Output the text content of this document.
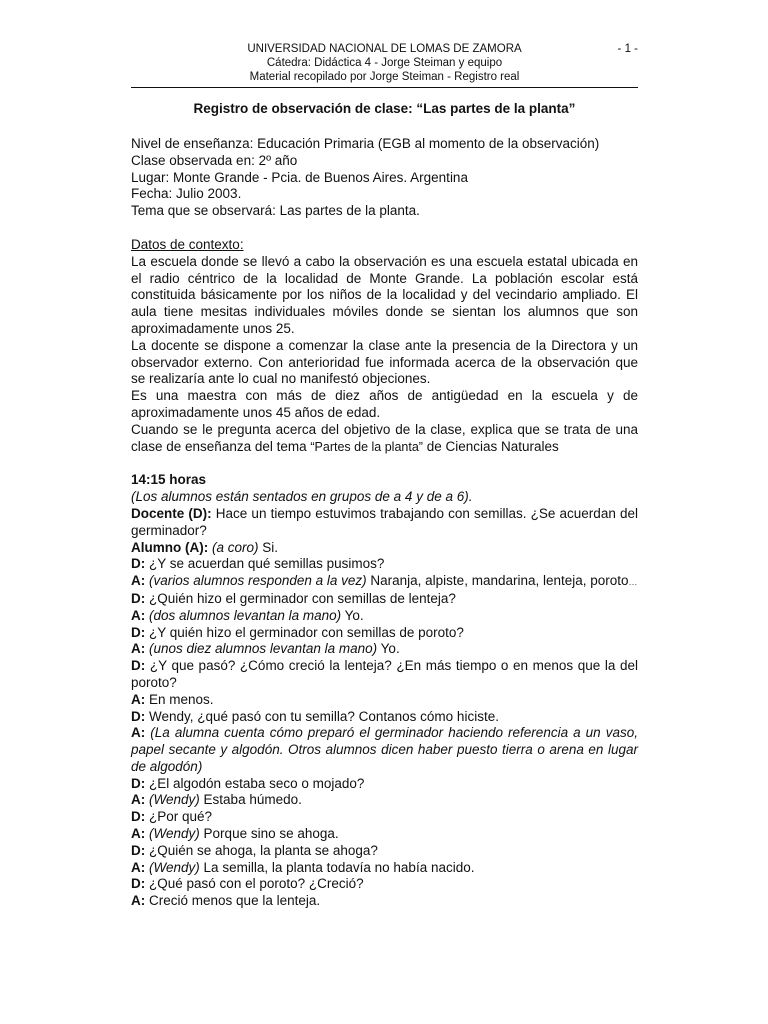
UNIVERSIDAD NACIONAL DE LOMAS DE ZAMORA
Cátedra: Didáctica 4 - Jorge Steiman y equipo
Material recopilado por Jorge Steiman - Registro real
- 1 -
Registro de observación de clase: “Las partes de la planta”

Nivel de enseñanza: Educación Primaria (EGB al momento de la observación)

Clase observada en: 2º año

Lugar: Monte Grande - Pcia. de Buenos Aires. Argentina

Fecha: Julio 2003.

Tema que se observará: Las partes de la planta.

Datos de contexto:

La escuela donde se llevó a cabo la observación es una escuela estatal ubicada en el radio céntrico de la localidad de Monte Grande. La población escolar está constituida básicamente por los niños de la localidad y del vecindario ampliado. El aula tiene mesitas individuales móviles donde se sientan los alumnos que son aproximadamente unos 25.

La docente se dispone a comenzar la clase ante la presencia de la Directora y un observador externo. Con anterioridad fue informada acerca de la observación que se realizaría ante lo cual no manifestó objeciones.

Es una maestra con más de diez años de antigüedad en la escuela y de aproximadamente unos 45 años de edad.

Cuando se le pregunta acerca del objetivo de la clase, explica que se trata de una clase de enseñanza del tema “Partes de la planta” de Ciencias Naturales

14:15 horas

(Los alumnos están sentados en grupos de a 4 y de a 6).

Docente (D): Hace un tiempo estuvimos trabajando con semillas. ¿Se acuerdan del germinador?

Alumno (A): (a coro) Si.

D: ¿Y se acuerdan qué semillas pusimos?

A: (varios alumnos responden a la vez) Naranja, alpiste, mandarina, lenteja, poroto…

D: ¿Quién hizo el germinador con semillas de lenteja?

A: (dos alumnos levantan la mano) Yo.

D: ¿Y quién hizo el germinador con semillas de poroto?

A: (unos diez alumnos levantan la mano) Yo.

D: ¿Y que pasó? ¿Cómo creció la lenteja? ¿En más tiempo o en menos que la del poroto?

A: En menos.

D: Wendy, ¿qué pasó con tu semilla? Contanos cómo hiciste.

A: (La alumna cuenta cómo preparó el germinador haciendo referencia a un vaso, papel secante y algodón. Otros alumnos dicen haber puesto tierra o arena en lugar de algodón)

D: ¿El algodón estaba seco o mojado?

A: (Wendy) Estaba húmedo.

D: ¿Por qué?

A: (Wendy) Porque sino se ahoga.

D: ¿Quién se ahoga, la planta se ahoga?

A: (Wendy) La semilla, la planta todavía no había nacido.

D: ¿Qué pasó con el poroto? ¿Creció?

A: Creció menos que la lenteja.
